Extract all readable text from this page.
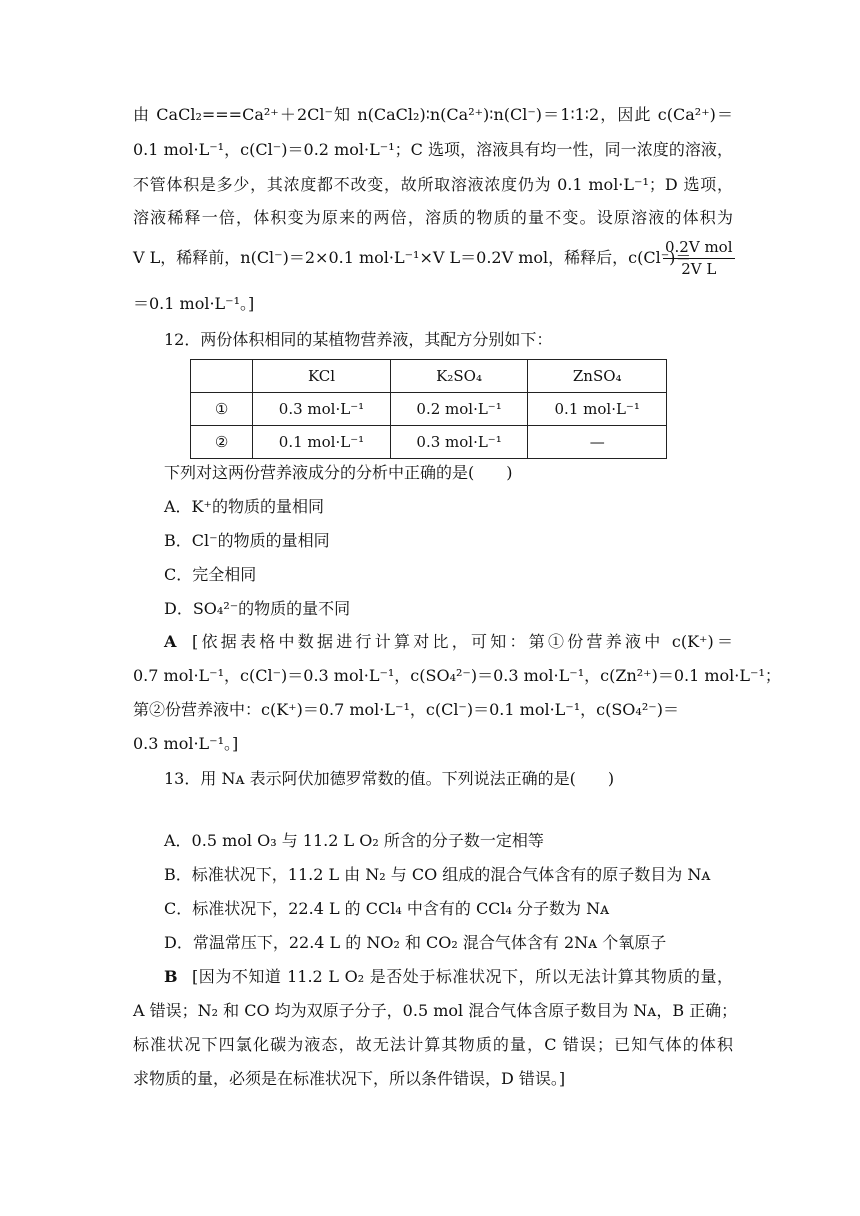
由 CaCl₂===Ca²⁺＋2Cl⁻知 n(CaCl₂)∶n(Ca²⁺)∶n(Cl⁻)＝1∶1∶2，因此 c(Ca²⁺)＝
0.1 mol·L⁻¹，c(Cl⁻)＝0.2 mol·L⁻¹；C 选项，溶液具有均一性，同一浓度的溶液，
不管体积是多少，其浓度都不改变，故所取溶液浓度仍为 0.1 mol·L⁻¹；D 选项，
溶液稀释一倍，体积变为原来的两倍，溶质的物质的量不变。设原溶液的体积为
V L，稀释前，n(Cl⁻)＝2×0.1 mol·L⁻¹×V L＝0.2V mol，稀释后，c(Cl⁻)＝
0.2V mol
2V L
＝0.1 mol·L⁻¹。]
12．两份体积相同的某植物营养液，其配方分别如下：
	KCl	K₂SO₄	ZnSO₄
①	0.3 mol·L⁻¹	0.2 mol·L⁻¹	0.1 mol·L⁻¹
②	0.1 mol·L⁻¹	0.3 mol·L⁻¹	—
下列对这两份营养液成分的分析中正确的是(　　)
A．K⁺的物质的量相同
B．Cl⁻的物质的量相同
C．完全相同
D．SO₄²⁻的物质的量不同
A [依据表格中数据进行计算对比，可知：第①份营养液中 c(K⁺)＝
0.7 mol·L⁻¹，c(Cl⁻)＝0.3 mol·L⁻¹，c(SO₄²⁻)＝0.3 mol·L⁻¹，c(Zn²⁺)＝0.1 mol·L⁻¹；
第②份营养液中：c(K⁺)＝0.7 mol·L⁻¹，c(Cl⁻)＝0.1 mol·L⁻¹，c(SO₄²⁻)＝
0.3 mol·L⁻¹。]
13．用 Nᴀ 表示阿伏加德罗常数的值。下列说法正确的是(　　)
A．0.5 mol O₃ 与 11.2 L O₂ 所含的分子数一定相等
B．标准状况下，11.2 L 由 N₂ 与 CO 组成的混合气体含有的原子数目为 Nᴀ
C．标准状况下，22.4 L 的 CCl₄ 中含有的 CCl₄ 分子数为 Nᴀ
D．常温常压下，22.4 L 的 NO₂ 和 CO₂ 混合气体含有 2Nᴀ 个氧原子
B [因为不知道 11.2 L O₂ 是否处于标准状况下，所以无法计算其物质的量，
A 错误；N₂ 和 CO 均为双原子分子，0.5 mol 混合气体含原子数目为 Nᴀ，B 正确；
标准状况下四氯化碳为液态，故无法计算其物质的量，C 错误；已知气体的体积
求物质的量，必须是在标准状况下，所以条件错误，D 错误。]
